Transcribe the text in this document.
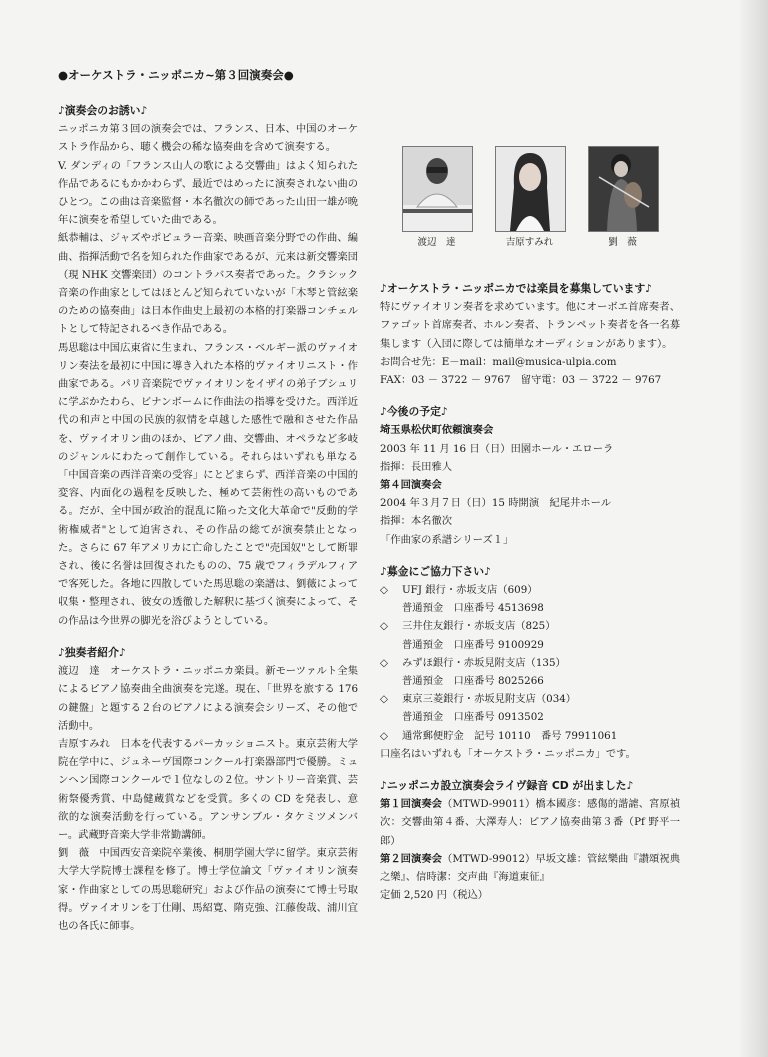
●オーケストラ・ニッポニカ~第３回演奏会●
♪演奏会のお誘い♪

ニッポニカ第３回の演奏会では、フランス、日本、中国のオーケストラ作品から、聴く機会の稀な協奏曲を含めて演奏する。

V. ダンディの「フランス山人の歌による交響曲」はよく知られた作品であるにもかかわらず、最近ではめったに演奏されない曲のひとつ。この曲は音楽監督・本名徹次の師であった山田一雄が晩年に演奏を希望していた曲である。

紙恭輔は、ジャズやポピュラー音楽、映画音楽分野での作曲、編曲、指揮活動で名を知られた作曲家であるが、元来は新交響楽団（現 NHK 交響楽団）のコントラバス奏者であった。クラシック音楽の作曲家としてはほとんど知られていないが「木琴と管絃楽のための協奏曲」は日本作曲史上最初の本格的打楽器コンチェルトとして特記されるべき作品である。

馬思聡は中国広東省に生まれ、フランス・ベルギー派のヴァイオリン奏法を最初に中国に導き入れた本格的ヴァイオリニスト・作曲家である。パリ音楽院でヴァイオリンをイザイの弟子ブシュリに学ぶかたわら、ビナンボームに作曲法の指導を受けた。西洋近代の和声と中国の民族的叙情を卓越した感性で融和させた作品を、ヴァイオリン曲のほか、ピアノ曲、交響曲、オペラなど多岐のジャンルにわたって創作している。それらはいずれも単なる「中国音楽の西洋音楽の受容」にとどまらず、西洋音楽の中国的変容、内面化の過程を反映した、極めて芸術性の高いものである。だが、全中国が政治的混乱に陥った文化大革命で"反動的学術権威者"として迫害され、その作品の総てが演奏禁止となった。さらに 67 年アメリカに亡命したことで"売国奴"として断罪され、後に名誉は回復されたものの、75 歳でフィラデルフィアで客死した。各地に四散していた馬思聡の楽譜は、劉薇によって収集・整理され、彼女の透徹した解釈に基づく演奏によって、その作品は今世界の脚光を浴びようとしている。

♪独奏者紹介♪

渡辺　達　オーケストラ・ニッポニカ楽員。新モーツァルト全集によるピアノ協奏曲全曲演奏を完遂。現在、「世界を旅する 176 の鍵盤」と題する２台のピアノによる演奏会シリーズ、その他で活動中。

吉原すみれ　日本を代表するパーカッショニスト。東京芸術大学院在学中に、ジュネーヴ国際コンクール打楽器部門で優勝。ミュンヘン国際コンクールで１位なしの２位。サントリー音楽賞、芸術祭優秀賞、中島健蔵賞などを受賞。多くの CD を発表し、意欲的な演奏活動を行っている。アンサンブル・タケミツメンバー。武蔵野音楽大学非常勤講師。

劉　薇　中国西安音楽院卒業後、桐朋学園大学に留学。東京芸術大学大学院博士課程を修了。博士学位論文「ヴァイオリン演奏家・作曲家としての馬思聡研究」および作品の演奏にて博士号取得。ヴァイオリンを丁仕剛、馬紹寛、隋克強、江藤俊哉、浦川宜也の各氏に師事。

渡辺　達	吉原すみれ	劉　薇
♪オーケストラ・ニッポニカでは楽員を募集しています♪

特にヴァイオリン奏者を求めています。他にオーボエ首席奏者、ファゴット首席奏者、ホルン奏者、トランペット奏者を各一名募集します（入団に際しては簡単なオーディションがあります）。

お問合せ先：E－mail：mail@musica-ulpia.com

FAX：03 － 3722 － 9767　留守電：03 － 3722 － 9767

♪今後の予定♪

埼玉県松伏町依頼演奏会

2003 年 11 月 16 日（日）田園ホール・エローラ

指揮：長田雅人

第４回演奏会

2004 年３月７日（日）15 時開演　紀尾井ホール

指揮：本名徹次

「作曲家の系譜シリーズ１」

♪募金にご協力下さい♪
◇	UFJ 銀行・赤坂支店（609）

普通預金　口座番号 4513698

◇	三井住友銀行・赤坂支店（825）

普通預金　口座番号 9100929

◇	みずほ銀行・赤坂見附支店（135）

普通預金　口座番号 8025266

◇	東京三菱銀行・赤坂見附支店（034）

普通預金　口座番号 0913502

◇	通常郵便貯金　記号 10110　番号 79911061

口座名はいずれも「オーケストラ・ニッポニカ」です。

♪ニッポニカ設立演奏会ライヴ録音 CD が出ました♪

第１回演奏会（MTWD-99011）橋本國彦：感傷的諧謔、宮原禎次：交響曲第４番、大澤寿人：ピアノ協奏曲第３番（Pf 野平一郎）

第２回演奏会（MTWD-99012）早坂文雄：管絃樂曲『讃頌祝典之樂』、信時潔：交声曲『海道東征』

定価 2,520 円（税込）
